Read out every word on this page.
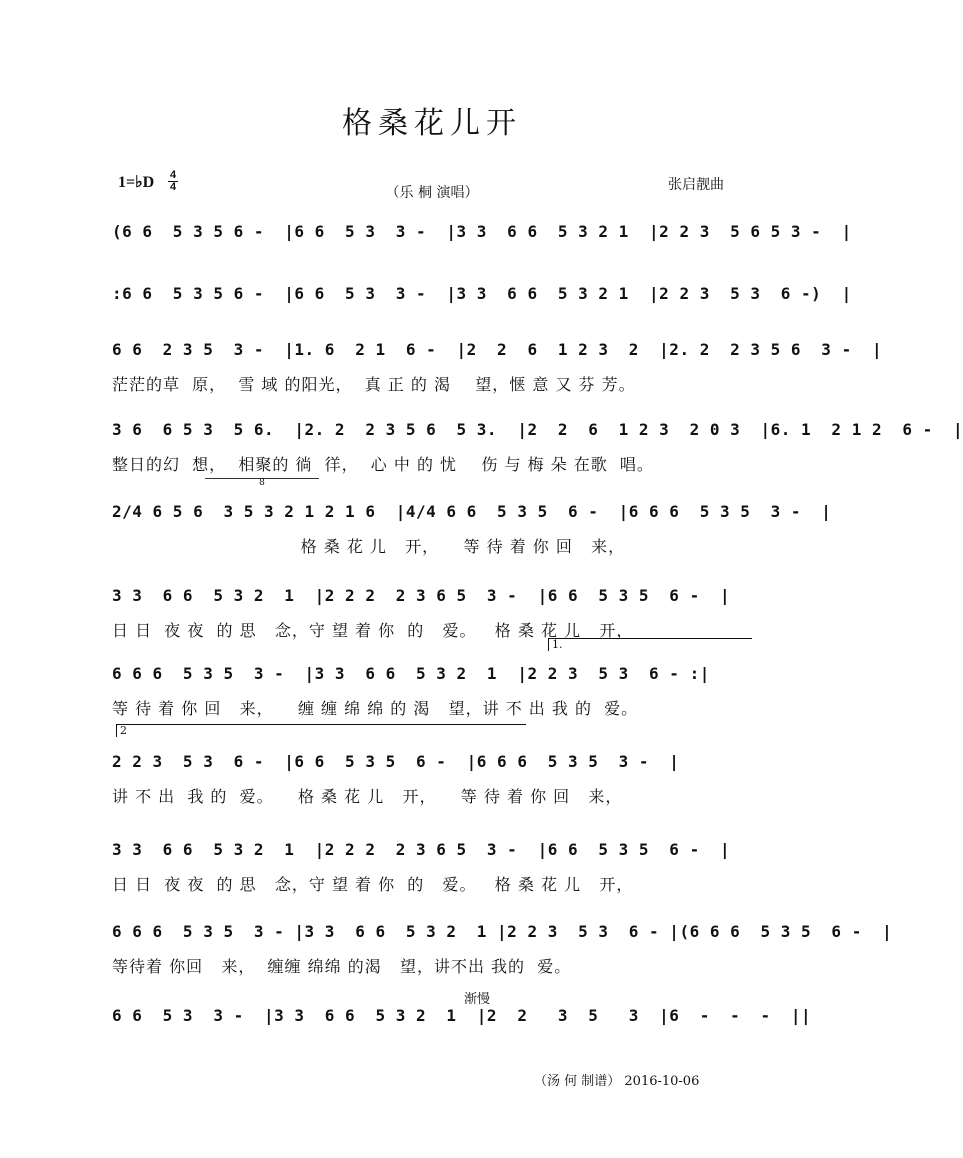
格桑花儿开
1=♭D 4
4	（乐 桐 演唱）	张启靓曲
(6 6  5 3 5 6 -  |6 6  5 3  3 -  |3 3  6 6  5 3 2 1  |2 2 3  5 6 5 3 -  |
:6 6  5 3 5 6 -  |6 6  5 3  3 -  |3 3  6 6  5 3 2 1  |2 2 3  5 3  6 -)  |
6 6  2 3 5  3 -  |1. 6  2 1  6 -  |2  2  6  1 2 3  2  |2. 2  2 3 5 6  3 -  |
茫茫的草  原，  雪 域 的阳光，  真 正 的 渴    望，惬 意 又 芬 芳。
3 6  6 5 3  5 6.  |2. 2  2 3 5 6  5 3.  |2  2  6  1 2 3  2 0 3  |6. 1  2 1 2  6 -  |
整日的幻  想，  相聚的 徜  徉，  心 中 的 忧    伤 与 梅 朵 在歌  唱。
8
2/4 6 5 6  3 5 3 2 1 2 1 6  |4/4 6 6  5 3 5  6 -  |6 6 6  5 3 5  3 -  |
格 桑 花 儿   开，    等 待 着 你 回   来，
3 3  6 6  5 3 2  1  |2 2 2  2 3 6 5  3 -  |6 6  5 3 5  6 -  |
日 日  夜 夜  的 思   念，守 望 着 你  的   爱。   格 桑 花 儿   开，
1.
6 6 6  5 3 5  3 -  |3 3  6 6  5 3 2  1  |2 2 3  5 3  6 - :|
等 待 着 你 回   来，    缠 缠 绵 绵 的 渴   望，讲 不 出 我 的  爱。
2
2 2 3  5 3  6 -  |6 6  5 3 5  6 -  |6 6 6  5 3 5  3 -  |
讲 不 出  我 的  爱。    格 桑 花 儿   开，    等 待 着 你 回   来，
3 3  6 6  5 3 2  1  |2 2 2  2 3 6 5  3 -  |6 6  5 3 5  6 -  |
日 日  夜 夜  的 思   念，守 望 着 你  的   爱。   格 桑 花 儿   开，
6 6 6  5 3 5  3 - |3 3  6 6  5 3 2  1 |2 2 3  5 3  6 - |(6 6 6  5 3 5  6 -  |
等待着 你回   来，  缠缠 绵绵 的渴   望，讲不出 我的  爱。
渐慢
6 6  5 3  3 -  |3 3  6 6  5 3 2  1  |2  2   3  5   3  |6  -  -  -  ||
（汤 何 制谱） 2016-10-06
